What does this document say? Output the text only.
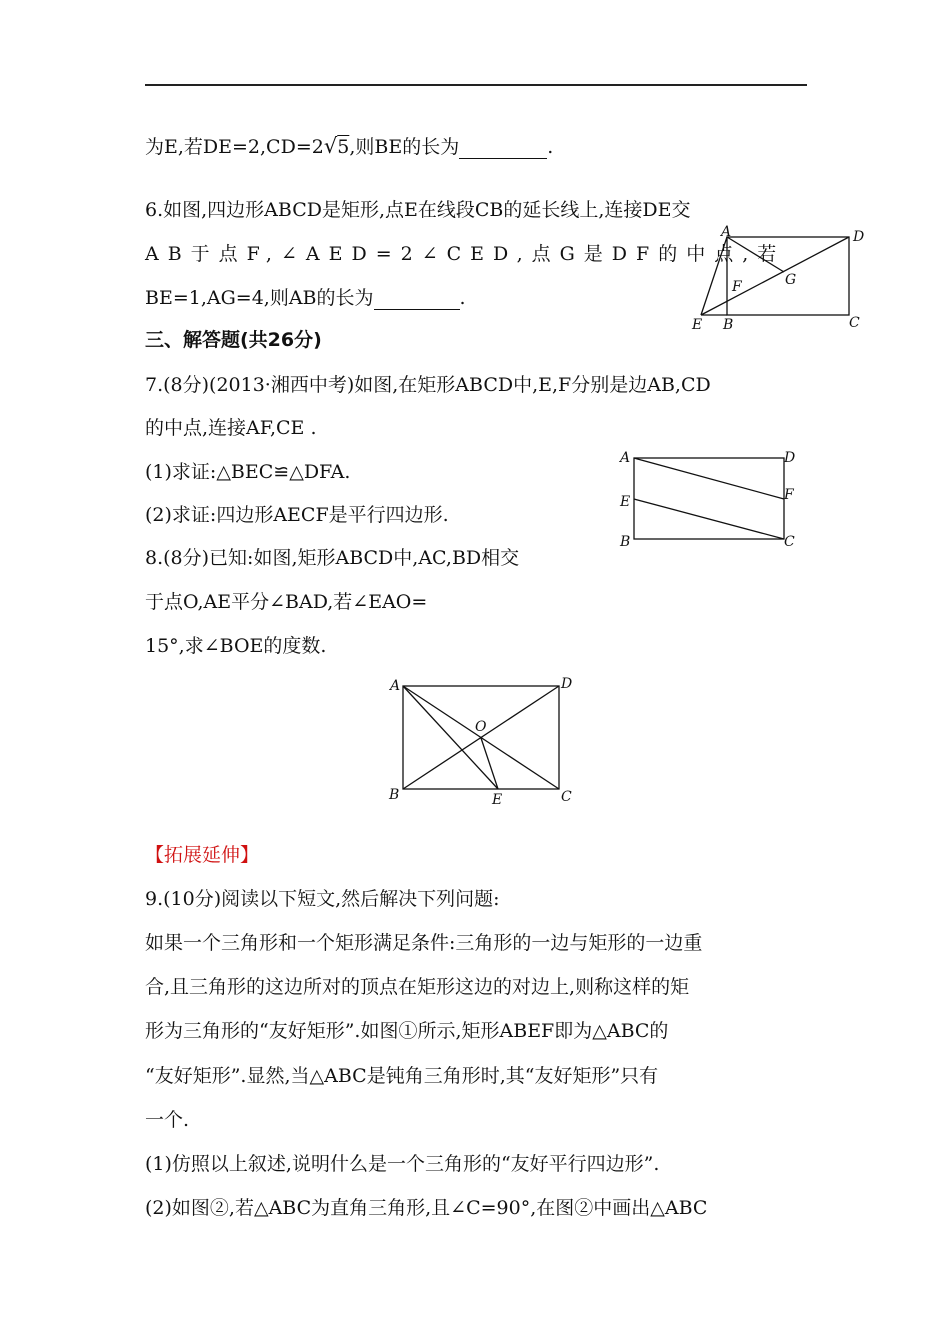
为E,若DE=2,CD=2√5,则BE的长为	.
6.如图,四边形ABCD是矩形,点E在线段CB的延长线上,连接DE交
AB于点F,∠AED=2∠CED,点G是DF的中点,若
BE=1,AG=4,则AB的长为	.
A	D
G
F
E B	C
三、解答题(共26分)
7.(8分)(2013·湘西中考)如图,在矩形ABCD中,E,F分别是边AB,CD
的中点,连接AF,CE .
(1)求证:△BEC≌△DFA.
(2)求证:四边形AECF是平行四边形.
A	D
E	F
B	C
8.(8分)已知:如图,矩形ABCD中,AC,BD相交
于点O,AE平分∠BAD,若∠EAO=
15°,求∠BOE的度数.
A	D
O
B	E	C
【拓展延伸】
9.(10分)阅读以下短文,然后解决下列问题:
如果一个三角形和一个矩形满足条件:三角形的一边与矩形的一边重
合,且三角形的这边所对的顶点在矩形这边的对边上,则称这样的矩
形为三角形的“友好矩形”.如图①所示,矩形ABEF即为△ABC的
“友好矩形”.显然,当△ABC是钝角三角形时,其“友好矩形”只有
一个.
(1)仿照以上叙述,说明什么是一个三角形的“友好平行四边形”.
(2)如图②,若△ABC为直角三角形,且∠C=90°,在图②中画出△ABC
